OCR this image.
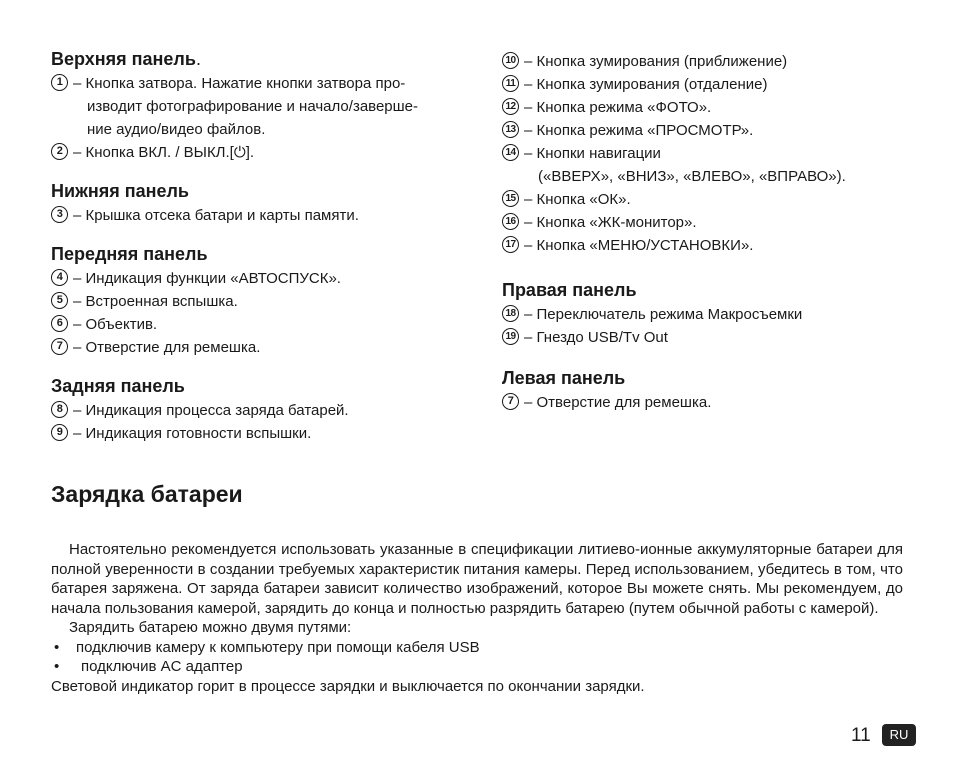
Верхняя панель.
1 – Кнопка затвора. Нажатие кнопки затвора про-
изводит фотографирование и начало/заверше-
ние аудио/видео файлов.
2 – Кнопка ВКЛ. / ВЫКЛ.[⏻].
Нижняя панель
3 – Крышка отсека батари и карты памяти.
Передняя панель
4 – Индикация функции «АВТОСПУСК».
5 – Встроенная вспышка.
6 – Объектив.
7 – Отверстие для ремешка.
Задняя панель
8 – Индикация процесса заряда батарей.
9 – Индикация готовности вспышки.
10 – Кнопка зумирования (приближение)
11 – Кнопка зумирования (отдаление)
12 – Кнопка режима «ФОТО».
13 – Кнопка режима «ПРОСМОТР».
14 – Кнопки навигации
(«ВВЕРХ», «ВНИЗ», «ВЛЕВО», «ВПРАВО»).
15 – Кнопка «ОК».
16 – Кнопка «ЖК-монитор».
17 – Кнопка «МЕНЮ/УСТАНОВКИ».
Правая панель
18 – Переключатель режима Макросъемки
19 – Гнездо USB/Tv Out
Левая панель
7 – Отверстие для ремешка.
Зарядка батареи
Настоятельно рекомендуется использовать указанные в спецификации литиево-ионные аккумуляторные батареи для полной уверенности в создании требуемых характеристик питания камеры. Перед использованием, убедитесь в том, что батарея заряжена. От заряда батареи зависит количество изображений, которое Вы можете снять. Мы рекомендуем, до начала пользования камерой, зарядить до конца и полностью разрядить батарею (путем обычной работы с камерой).
Зарядить батарею можно двумя путями:
• подключив камеру к компьютеру при помощи кабеля USB
• подключив AC адаптер
Световой индикатор горит в процессе зарядки и выключается по окончании зарядки.
11	RU
